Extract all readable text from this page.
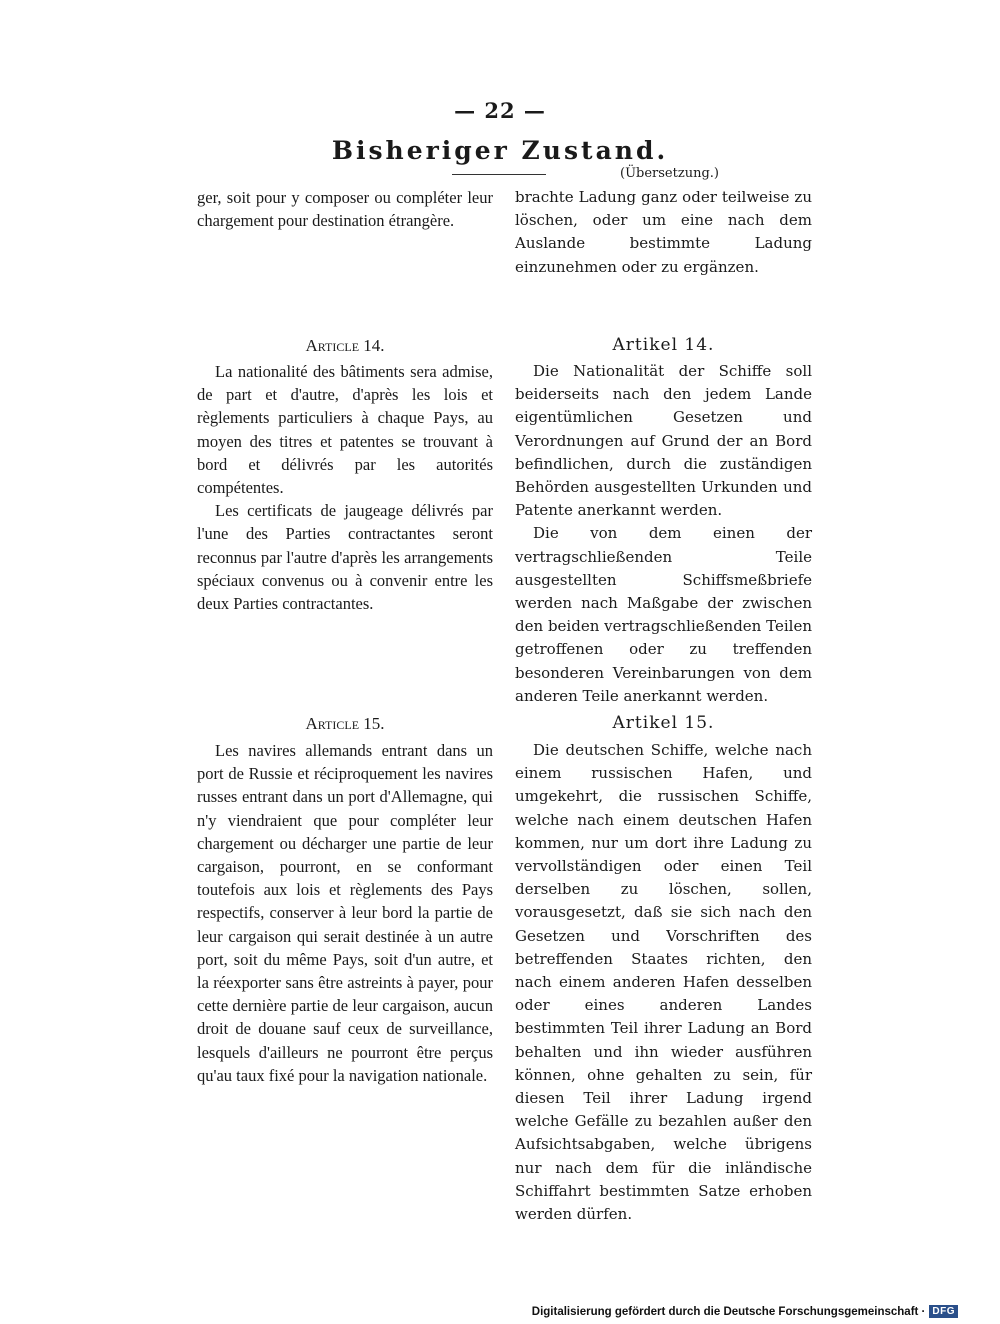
— 22 —
Bisheriger Zustand.
(Übersetzung.)

ger, soit pour y composer ou compléter leur chargement pour destination étrangère.

brachte Ladung ganz oder teilweise zu löschen, oder um eine nach dem Auslande bestimmte Ladung einzunehmen oder zu ergänzen.

Article 14.	Artikel 14.

La nationalité des bâtiments sera admise, de part et d'autre, d'après les lois et règlements particuliers à chaque Pays, au moyen des titres et patentes se trouvant à bord et délivrés par les autorités compétentes.

Les certificats de jaugeage délivrés par l'une des Parties contractantes seront reconnus par l'autre d'après les arrangements spéciaux convenus ou à convenir entre les deux Parties contractantes.

Die Nationalität der Schiffe soll beiderseits nach den jedem Lande eigentümlichen Gesetzen und Verordnungen auf Grund der an Bord befindlichen, durch die zuständigen Behörden ausgestellten Urkunden und Patente anerkannt werden.

Die von dem einen der vertragschließenden Teile ausgestellten Schiffsmeßbriefe werden nach Maßgabe der zwischen den beiden vertragschließenden Teilen getroffenen oder zu treffenden besonderen Vereinbarungen von dem anderen Teile anerkannt werden.

Article 15.	Artikel 15.

Les navires allemands entrant dans un port de Russie et réciproquement les navires russes entrant dans un port d'Allemagne, qui n'y viendraient que pour compléter leur chargement ou décharger une partie de leur cargaison, pourront, en se conformant toutefois aux lois et règlements des Pays respectifs, conserver à leur bord la partie de leur cargaison qui serait destinée à un autre port, soit du même Pays, soit d'un autre, et la réexporter sans être astreints à payer, pour cette dernière partie de leur cargaison, aucun droit de douane sauf ceux de surveillance, lesquels d'ailleurs ne pourront être perçus qu'au taux fixé pour la navigation nationale.

Die deutschen Schiffe, welche nach einem russischen Hafen, und umgekehrt, die russischen Schiffe, welche nach einem deutschen Hafen kommen, nur um dort ihre Ladung zu vervollständigen oder einen Teil derselben zu löschen, sollen, vorausgesetzt, daß sie sich nach den Gesetzen und Vorschriften des betreffenden Staates richten, den nach einem anderen Hafen desselben oder eines anderen Landes bestimmten Teil ihrer Ladung an Bord behalten und ihn wieder ausführen können, ohne gehalten zu sein, für diesen Teil ihrer Ladung irgend welche Gefälle zu bezahlen außer den Aufsichtsabgaben, welche übrigens nur nach dem für die inländische Schiffahrt bestimmten Satze erhoben werden dürfen.

Digitalisierung gefördert durch die Deutsche Forschungsgemeinschaft · DFG
